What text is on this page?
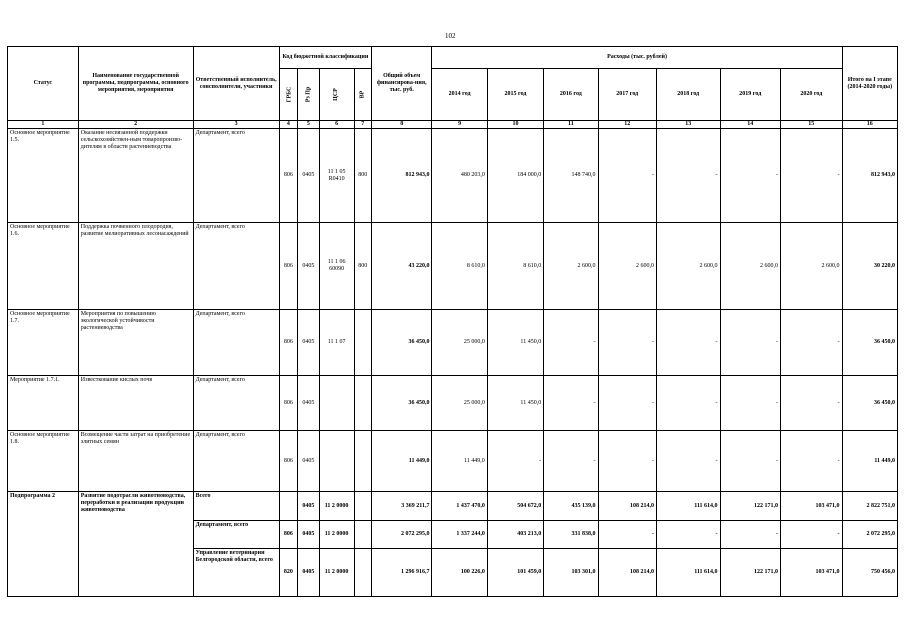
102
Статус	Наименование государственной программы, подпрограммы, основного мероприятия, мероприятия	Ответственный исполнитель, соисполнители, участники	Код бюджетной классификации				Общий объем финансирова-ния, тыс. руб.	Расходы (тыс. рублей)							Итого на I этапе (2014-2020 годы)
			ГРБС	Рз Пр	ЦСР	ВР		2014 год	2015 год	2016 год	2017 год	2018 год	2019 год	2020 год	
1	2	3	4	5	6	7	8	9	10	11	12	13	14	15	16
Основное мероприятие 1.5.	Оказание несвязанной поддержки сельскохозяйствен-ным товаропроизво-дителям в области растениеводства	Департамент, всего	806	0405	11 1 05 R0410	800	812 943,0	480 203,0	184 000,0	148 740,0	-	-	-	-	812 943,0
Основное мероприятие 1.6.	Поддержка почвенного плодородия, развитие мелиоративных лесонасаждений	Департамент, всего	806	0405	11 1 06 60090	800	43 220,0	8 610,0	8 610,0	2 600,0	2 600,0	2 600,0	2 600,0	2 600,0	30 220,0
Основное мероприятие 1.7.	Мероприятия по повышению экологической устойчивости растениеводства	Департамент, всего	806	0405	11 1 07		36 450,0	25 000,0	11 450,0	-	-	-	-	-	36 450,0
Мероприятие 1.7.1.	Известкование кислых почв	Департамент, всего	806	0405			36 450,0	25 000,0	11 450,0	-	-	-	-	-	36 450,0
Основное мероприятие 1.8.	Возмещение части затрат на приобретение элитных семян	Департамент, всего	806	0405			11 449,0	11 449,0	-	-	-	-	-	-	11 449,0
Подпрограмма 2	Развитие подотрасли животноводства, переработки и реализации продукции животноводства	Всего		0405	11 2 0000		3 369 211,7	1 437 470,0	504 672,0	435 139,0	108 214,0	111 614,0	122 171,0	103 471,0	2 822 751,0
		Департамент, всего	806	0405	11 2 0000		2 072 295,0	1 337 244,0	403 213,0	331 838,0	-	-	-	-	2 072 295,0
		Управление ветеринарии Белгородской области, всего	820	0405	11 2 0000		1 296 916,7	100 226,0	101 459,0	103 301,0	108 214,0	111 614,0	122 171,0	103 471,0	750 456,0
